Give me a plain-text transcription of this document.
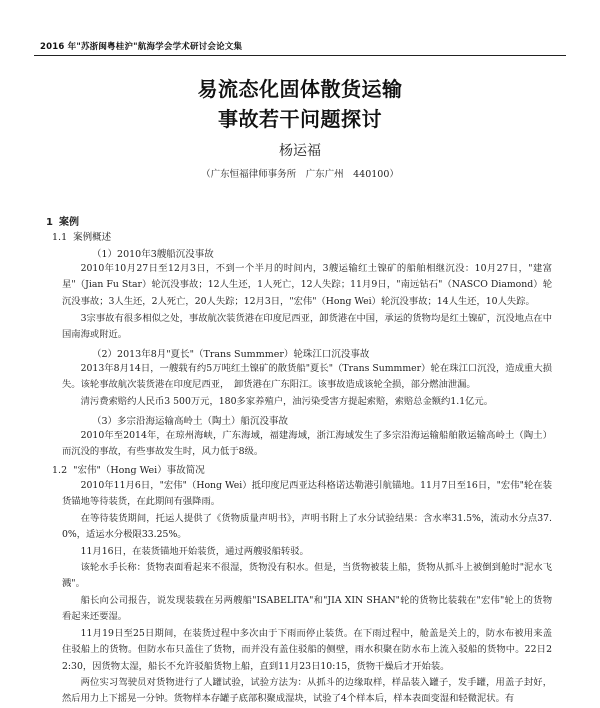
2016 年"苏浙闽粤桂沪"航海学会学术研讨会论文集
易流态化固体散货运输
事故若干问题探讨
杨运福
（广东恒福律师事务所　广东广州　440100）
1 案例
1.1 案例概述
（1）2010年3艘船沉没事故
2010年10月27日至12月3日，不到一个半月的时间内，3艘运输红土镍矿的船舶相继沉没：10月27日，"建富星"（Jian Fu Star）轮沉没事故；12人生还，1人死亡，12人失踪；11月9日，"南远钻石"（NASCO Diamond）轮沉没事故；3人生还，2人死亡，20人失踪；12月3日，"宏伟"（Hong Wei）轮沉没事故；14人生还，10人失踪。
3宗事故有很多相似之处，事故航次装货港在印度尼西亚，卸货港在中国，承运的货物均是红土镍矿，沉没地点在中国南海或附近。
（2）2013年8月"夏长"（Trans Summmer）轮珠江口沉没事故
2013年8月14日，一艘载有约5万吨红土镍矿的散货船"夏长"（Trans Summmer）轮在珠江口沉没，造成重大损失。该轮事故航次装货港在印度尼西亚，　卸货港在广东阳江。该事故造成该轮全损，部分燃油泄漏。
清污费索赔约人民币3 500万元，180多家养殖户，油污染受害方提起索赔，索赔总金额约1.1亿元。
（3）多宗沿海运输高岭土（陶土）船沉没事故
2010年至2014年，在琼州海峡，广东海域，福建海域，浙江海域发生了多宗沿海运输船舶散运输高岭土（陶土）而沉没的事故，有些事故发生时，风力低于8级。
1.2 "宏伟"（Hong Wei）事故简况
2010年11月6日，"宏伟"（Hong Wei）抵印度尼西亚达科格诺达勒港引航锚地。11月7日至16日，"宏伟"轮在装货锚地等待装货，在此期间有强降雨。
在等待装货期间，托运人提供了《货物质量声明书》，声明书附上了水分试验结果：含水率31.5%，流动水分点37.0%，适运水分极限33.25%。
11月16日，在装货锚地开始装货，通过两艘驳船转驳。
该轮水手长称：货物表面看起来不很湿，货物没有积水。但是，当货物被装上船，货物从抓斗上被倒到舱时"泥水飞溅"。
船长向公司报告，说发现装载在另两艘船"ISABELITA"和"JIA XIN SHAN"轮的货物比装载在"宏伟"轮上的货物看起来还要湿。
11月19日至25日期间，在装货过程中多次由于下雨而停止装货。在下雨过程中，舱盖是关上的，防水布被用来盖住驳船上的货物。但防水布只盖住了货物，而并没有盖住驳船的侧壁，雨水积聚在防水布上流入驳船的货物中。22日22:30，因货物太湿，船长不允许驳船货物上船，直到11月23日10:15，货物干燥后才开始装。
两位实习驾驶员对货物进行了人罐试验，试验方法为：从抓斗的边缘取样，样品装入罐子，发手罐，用盖子封好，然后用力上下摇晃一分钟。货物样本存罐子底部积聚成湿块，试验了4个样本后，样本表面变湿和轻微泥状。有
